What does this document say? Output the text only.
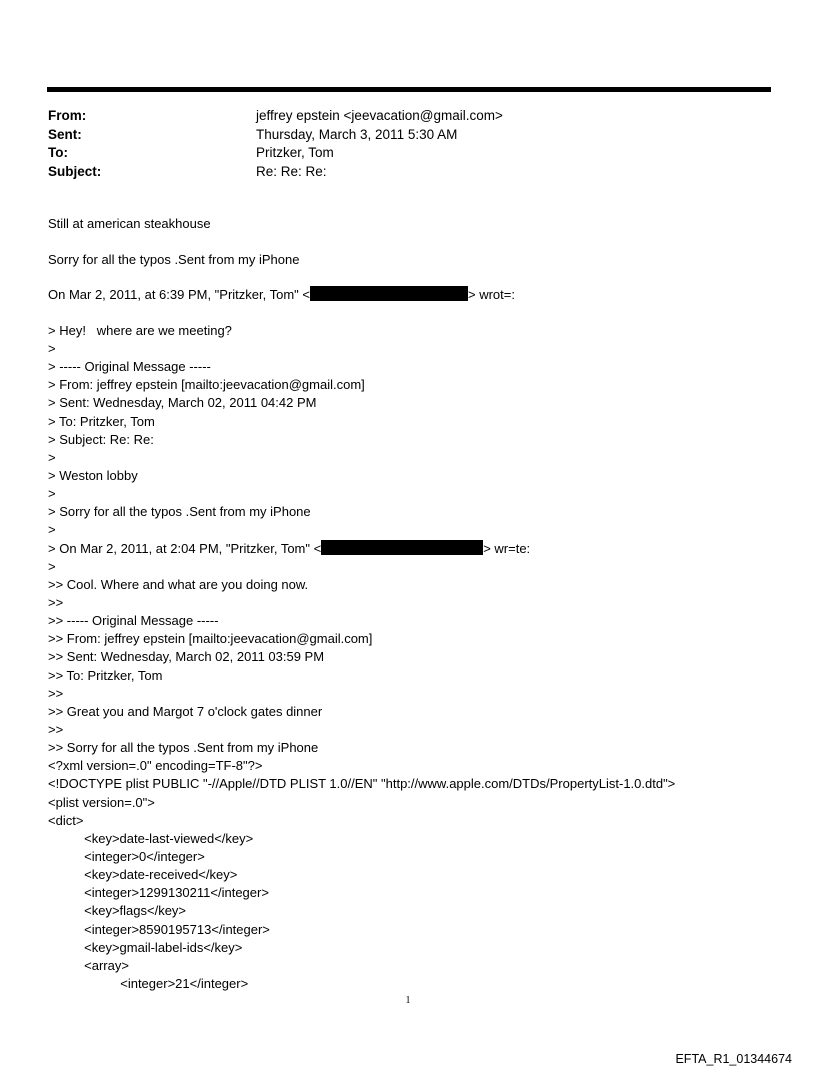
From:	jeffrey epstein <jeevacation@gmail.com>
Sent:	Thursday, March 3, 2011 5:30 AM
To:	Pritzker, Tom
Subject:	Re: Re: Re:
Still at american steakhouse
Sorry for all the typos .Sent from my iPhone
On Mar 2, 2011, at 6:39 PM, "Pritzker, Tom" <	> wrot=:
> Hey!   where are we meeting?
>
> ----- Original Message -----
> From: jeffrey epstein [mailto:jeevacation@gmail.com]
> Sent: Wednesday, March 02, 2011 04:42 PM
> To: Pritzker, Tom
> Subject: Re: Re:
>
> Weston lobby
>
> Sorry for all the typos .Sent from my iPhone
>
> On Mar 2, 2011, at 2:04 PM, "Pritzker, Tom" <	> wr=te:
>
>> Cool. Where and what are you doing now.
>>
>> ----- Original Message -----
>> From: jeffrey epstein [mailto:jeevacation@gmail.com]
>> Sent: Wednesday, March 02, 2011 03:59 PM
>> To: Pritzker, Tom
>>
>> Great you and Margot 7 o'clock gates dinner
>>
>> Sorry for all the typos .Sent from my iPhone
<?xml version=.0" encoding=TF-8"?>
<!DOCTYPE plist PUBLIC "-//Apple//DTD PLIST 1.0//EN" "http://www.apple.com/DTDs/PropertyList-1.0.dtd">
<plist version=.0">
<dict>
<key>date-last-viewed</key>
<integer>0</integer>
<key>date-received</key>
<integer>1299130211</integer>
<key>flags</key>
<integer>8590195713</integer>
<key>gmail-label-ids</key>
<array>
<integer>21</integer>
1
EFTA_R1_01344674
